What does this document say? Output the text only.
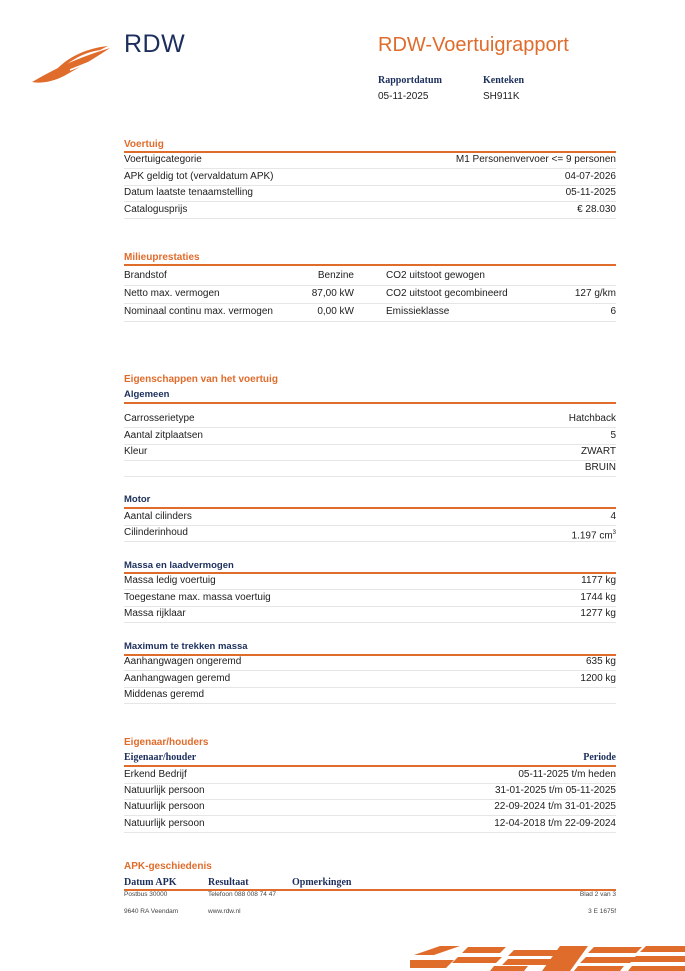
RDW	RDW-Voertuigrapport
Rapportdatum
05-11-2025
Kenteken
SH911K
Voertuig
Voertuigcategorie	M1 Personenvervoer <= 9 personen
APK geldig tot (vervaldatum APK)	04-07-2026
Datum laatste tenaamstelling	05-11-2025
Catalogusprijs	€ 28.030
Milieuprestaties
Brandstof	Benzine	CO2 uitstoot gewogen
Netto max. vermogen	87,00 kW	CO2 uitstoot gecombineerd	127 g/km
Nominaal continu max. vermogen	0,00 kW	Emissieklasse	6
Eigenschappen van het voertuig
Algemeen
Carrosserietype	Hatchback
Aantal zitplaatsen	5
Kleur	ZWART
BRUIN
Motor
Aantal cilinders	4
Cilinderinhoud	1.197 $cm^3$
Massa en laadvermogen
Massa ledig voertuig	1177 kg
Toegestane max. massa voertuig	1744 kg
Massa rijklaar	1277 kg
Maximum te trekken massa
Aanhangwagen ongeremd	635 kg
Aanhangwagen geremd	1200 kg
Middenas geremd
Eigenaar/houders
Eigenaar/houder	Periode
Erkend Bedrijf	05-11-2025 t/m heden
Natuurlijk persoon	31-01-2025 t/m 05-11-2025
Natuurlijk persoon	22-09-2024 t/m 31-01-2025
Natuurlijk persoon	12-04-2018 t/m 22-09-2024
APK-geschiedenis
Datum APK	Resultaat	Opmerkingen
Postbus 30000	Telefoon 088 008 74 47	Blad 2 van 3
9640 RA Veendam	www.rdw.nl	3 E 1675f
